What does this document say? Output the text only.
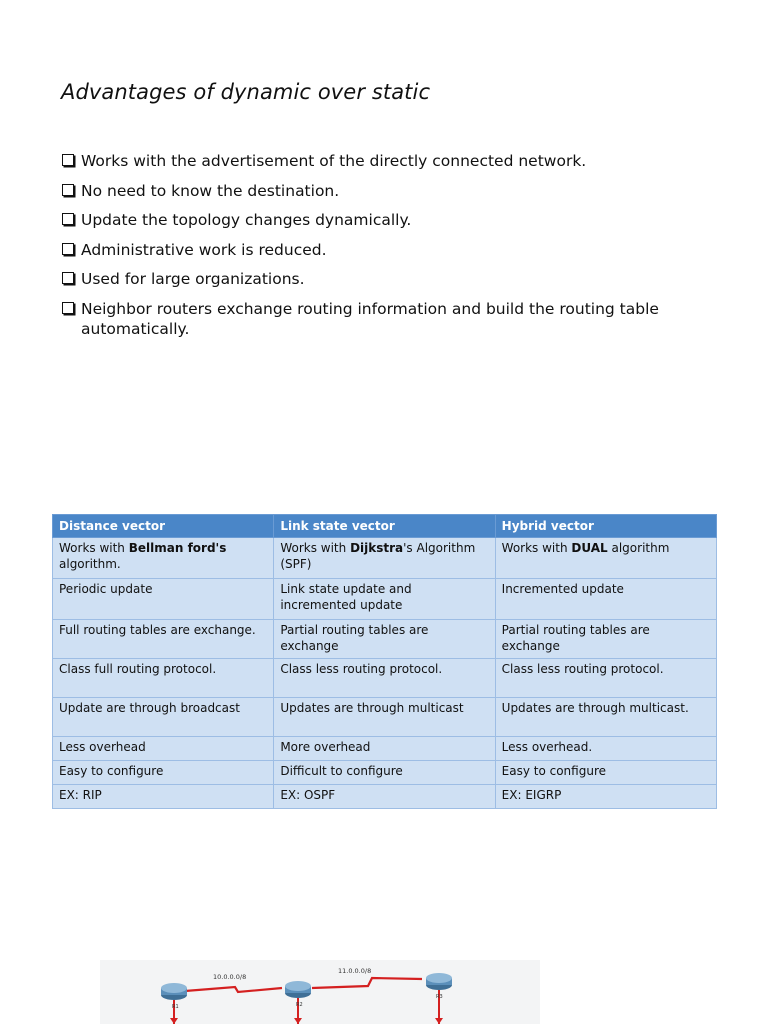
Advantages of dynamic over static
Works with the advertisement of the directly connected network.
No need to know the destination.
Update the topology changes dynamically.
Administrative work is reduced.
Used for large organizations.
Neighbor routers exchange routing information and build the routing table automatically.
Distance vector	Link state vector	Hybrid vector
Works with Bellman ford's algorithm.	Works with Dijkstra's Algorithm (SPF)	Works with DUAL algorithm
Periodic update	Link state update and incremented update	Incremented update
Full routing tables are exchange.	Partial routing tables are exchange	Partial routing tables are exchange
Class full routing protocol.	Class less routing protocol.	Class less routing protocol.
Update are through broadcast	Updates are through multicast	Updates are through multicast.
Less overhead	More overhead	Less overhead.
Easy to configure	Difficult to configure	Easy to configure
EX: RIP	EX: OSPF	EX: EIGRP
10.0.0.0/8
11.0.0.0/8
R1	R2
R3
